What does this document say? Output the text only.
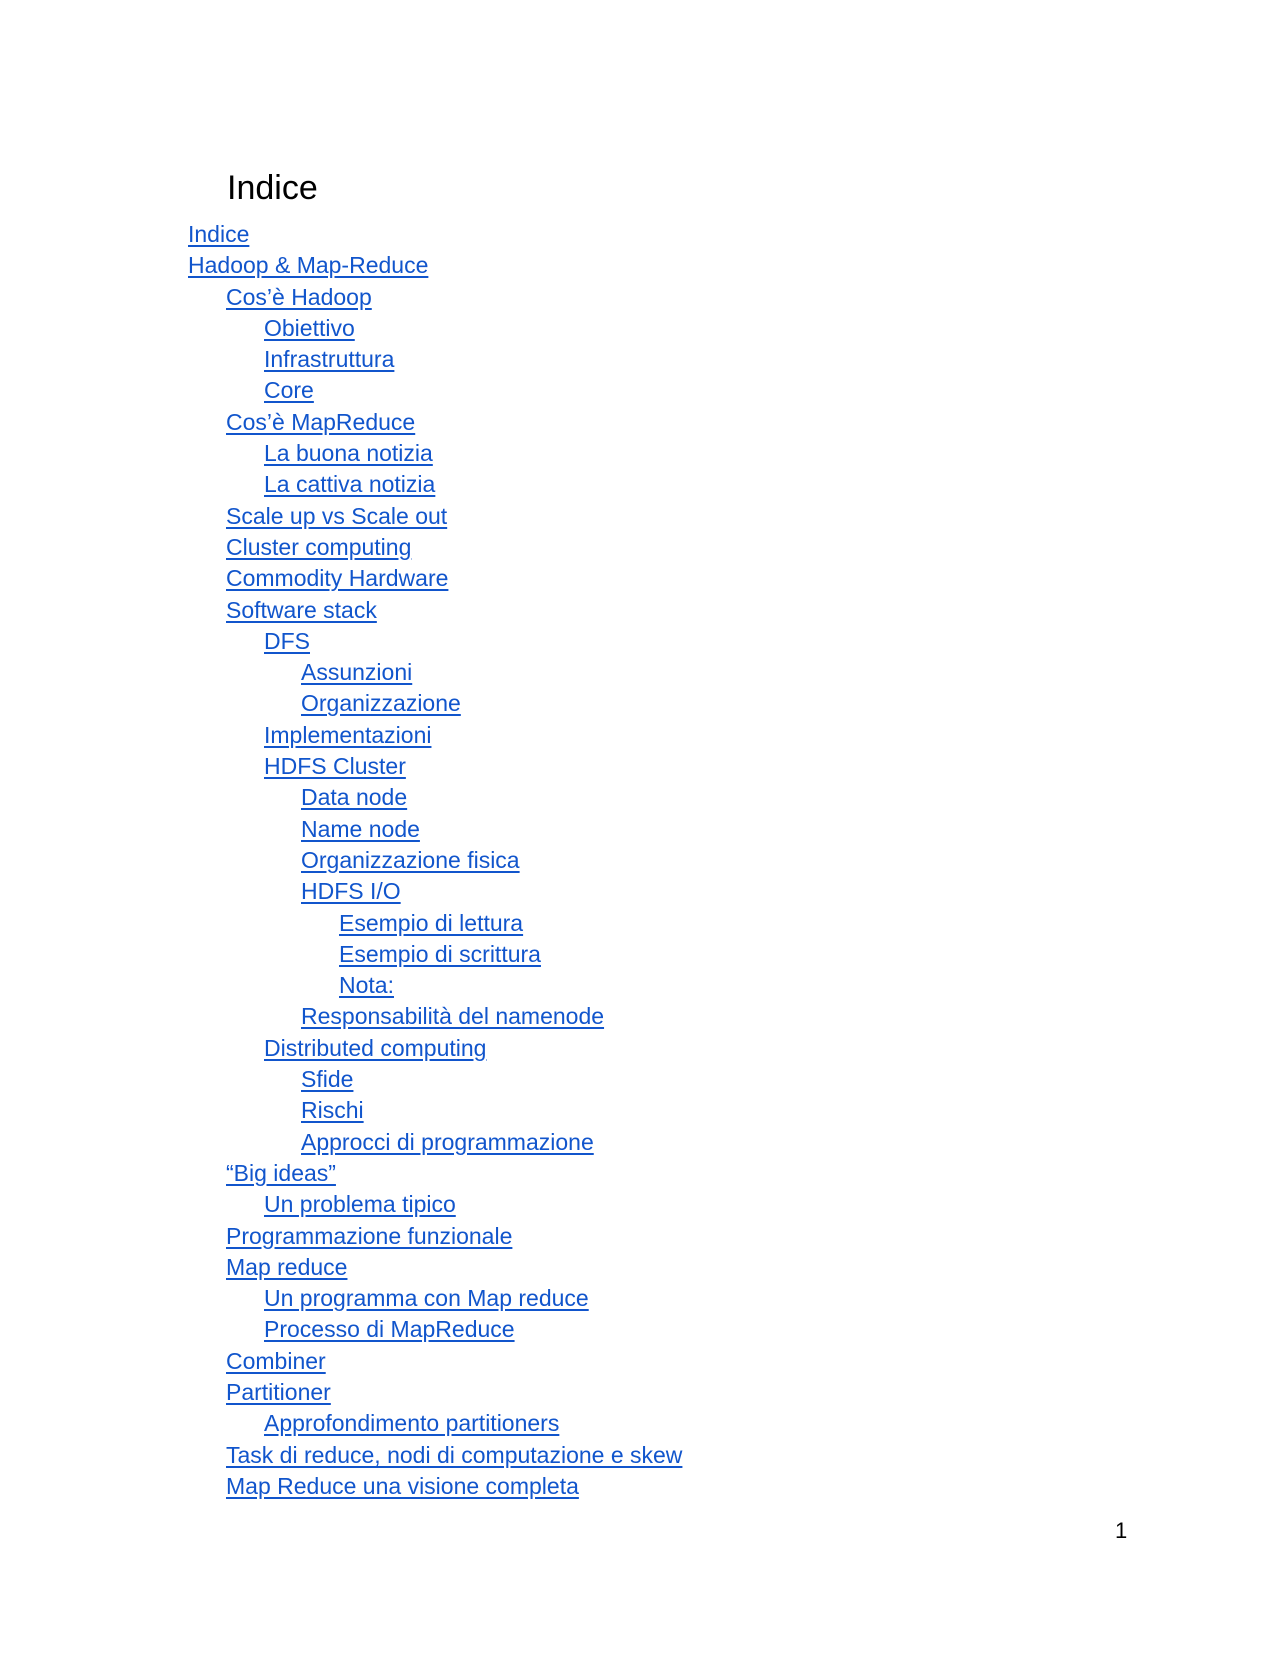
Indice
Indice
Hadoop & Map-Reduce
Cos’è Hadoop
Obiettivo
Infrastruttura
Core
Cos’è MapReduce
La buona notizia
La cattiva notizia
Scale up vs Scale out
Cluster computing
Commodity Hardware
Software stack
DFS
Assunzioni
Organizzazione
Implementazioni
HDFS Cluster
Data node
Name node
Organizzazione fisica
HDFS I/O
Esempio di lettura
Esempio di scrittura
Nota:
Responsabilità del namenode
Distributed computing
Sfide
Rischi
Approcci di programmazione
“Big ideas”
Un problema tipico
Programmazione funzionale
Map reduce
Un programma con Map reduce
Processo di MapReduce
Combiner
Partitioner
Approfondimento partitioners
Task di reduce, nodi di computazione e skew
Map Reduce una visione completa
1
